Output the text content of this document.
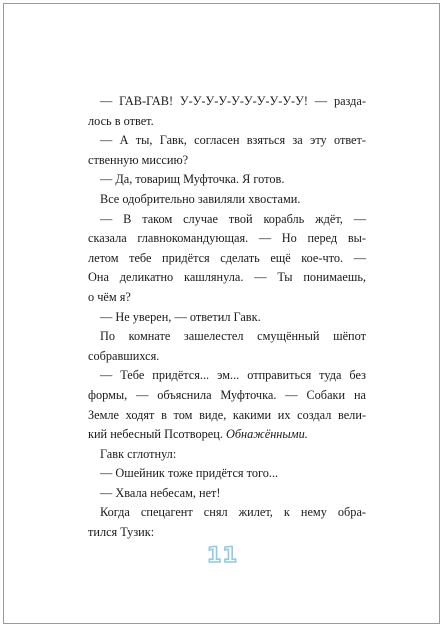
— ГАВ-ГАВ! У-У-У-У-У-У-У-У-У-У! — разда-
лось в ответ.
— А ты, Гавк, согласен взяться за эту ответ-
ственную миссию?
— Да, товарищ Муфточка. Я готов.
Все одобрительно завиляли хвостами.
— В таком случае твой корабль ждёт, —
сказала главнокомандующая. — Но перед вы-
летом тебе придётся сделать ещё кое-что. —
Она деликатно кашлянула. — Ты понимаешь,
о чём я?
— Не уверен, — ответил Гавк.
По комнате зашелестел смущённый шёпот
собравшихся.
— Тебе придётся... эм... отправиться туда без
формы, — объяснила Муфточка. — Собаки на
Земле ходят в том виде, какими их создал вели-
кий небесный Псотворец. Обнажёнными.
Гавк сглотнул:
— Ошейник тоже придётся того...
— Хвала небесам, нет!
Когда спецагент снял жилет, к нему обра-
тился Тузик:
11
